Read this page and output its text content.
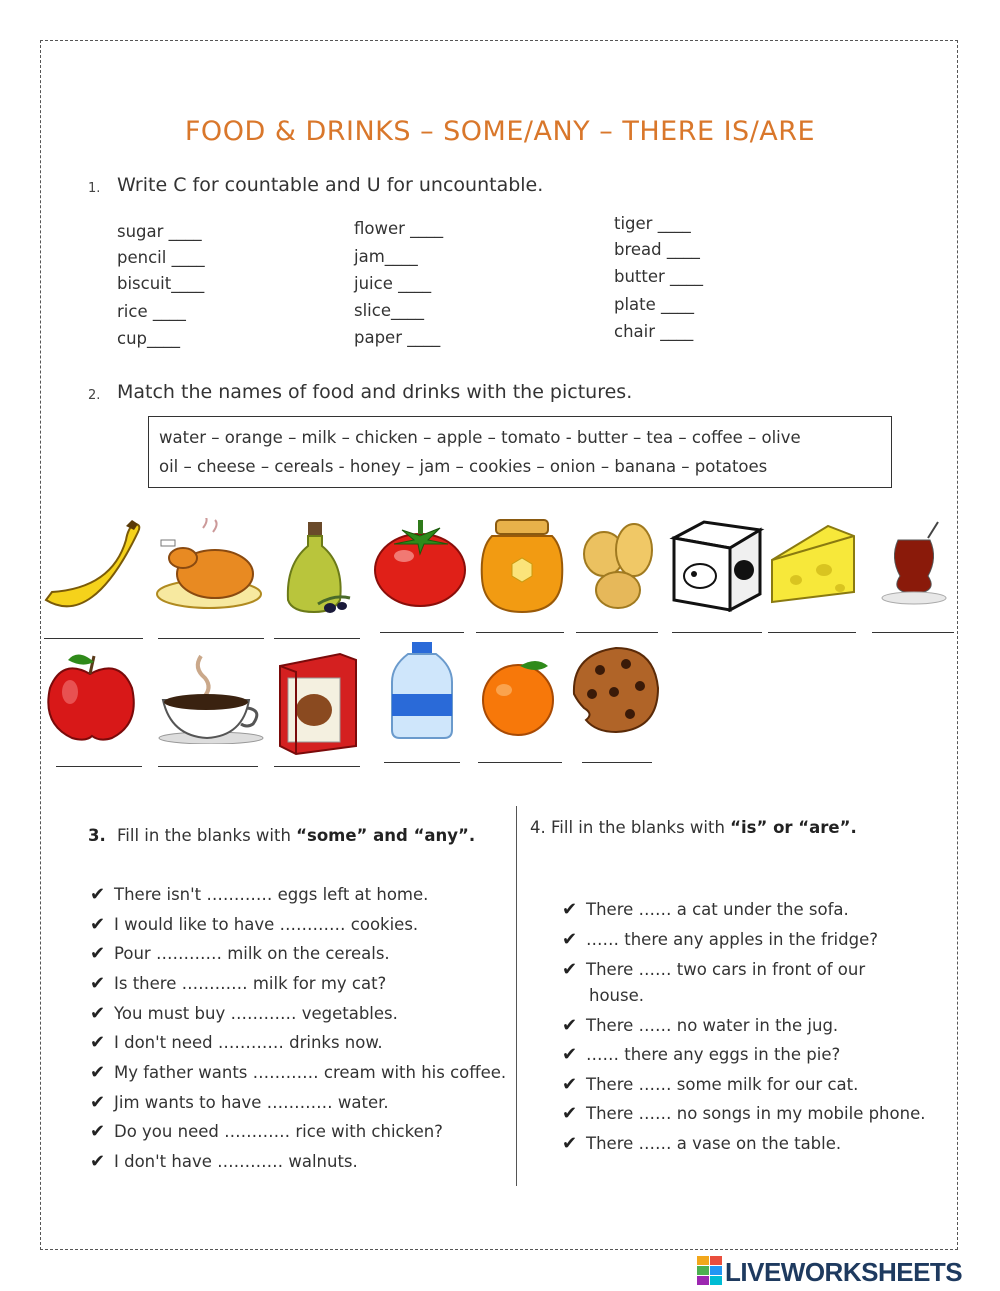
FOOD & DRINKS – SOME/ANY – THERE IS/ARE
1. Write C for countable and U for uncountable.
sugar ____
pencil ____
biscuit____
rice ____
cup____
flower ____
jam____
juice ____
slice____
paper ____
tiger ____
bread ____
butter ____
plate ____
chair ____
2. Match the names of food and drinks with the pictures.
water – orange – milk – chicken – apple – tomato - butter – tea – coffee – olive
oil – cheese – cereals - honey – jam – cookies – onion – banana – potatoes
3. Fill in the blanks with “some” and “any”.
✔ There isn't ………… eggs left at home.
✔ I would like to have ………… cookies.
✔ Pour ………… milk on the cereals.
✔ Is there ………… milk for my cat?
✔ You must buy ………… vegetables.
✔ I don't need ………… drinks now.
✔ My father wants ………… cream with his coffee.
✔ Jim wants to have ………… water.
✔ Do you need ………… rice with chicken?
✔ I don't have ………… walnuts.
4. Fill in the blanks with “is” or “are”.
✔ There …… a cat under the sofa.
✔ …… there any apples in the fridge?
✔ There …… two cars in front of our
house.
✔ There …… no water in the jug.
✔ …… there any eggs in the pie?
✔ There …… some milk for our cat.
✔ There …… no songs in my mobile phone.
✔ There …… a vase on the table.
LIVEWORKSHEETS
